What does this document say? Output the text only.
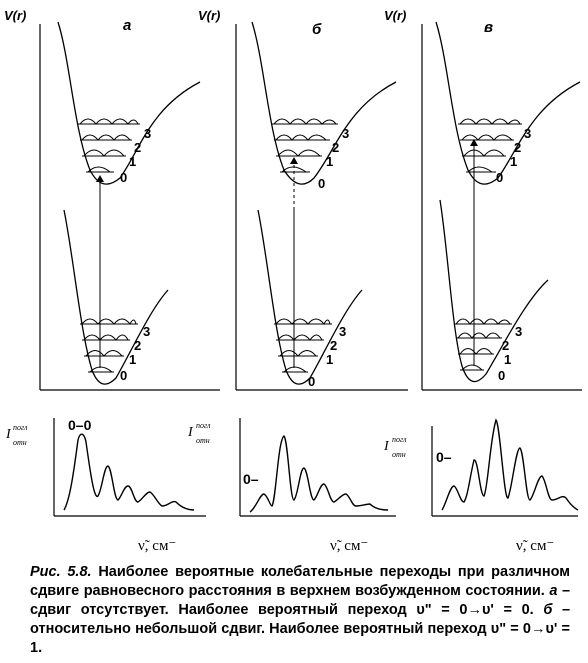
V(r)
а
0
1
2
3
0
1
2
3
V(r)
б
0
1
2
3
0
1
2
3
V(r)
в
0
1
2
3
0
1
2
3
I погл
отн
0–0
ν̃, см⁻
I погл
отн
0–
ν̃, см⁻
I погл
отн 0–
ν̃, см⁻
Рис. 5.8. Наиболее вероятные колебательные переходы при различном сдвиге равновесного расстояния в верхнем возбужденном состоянии. а – сдвиг отсутствует. Наиболее вероятный переход υ" = 0→υ' = 0. б – относительно небольшой сдвиг. Наиболее вероятный переход υ" = 0→υ' = 1.
